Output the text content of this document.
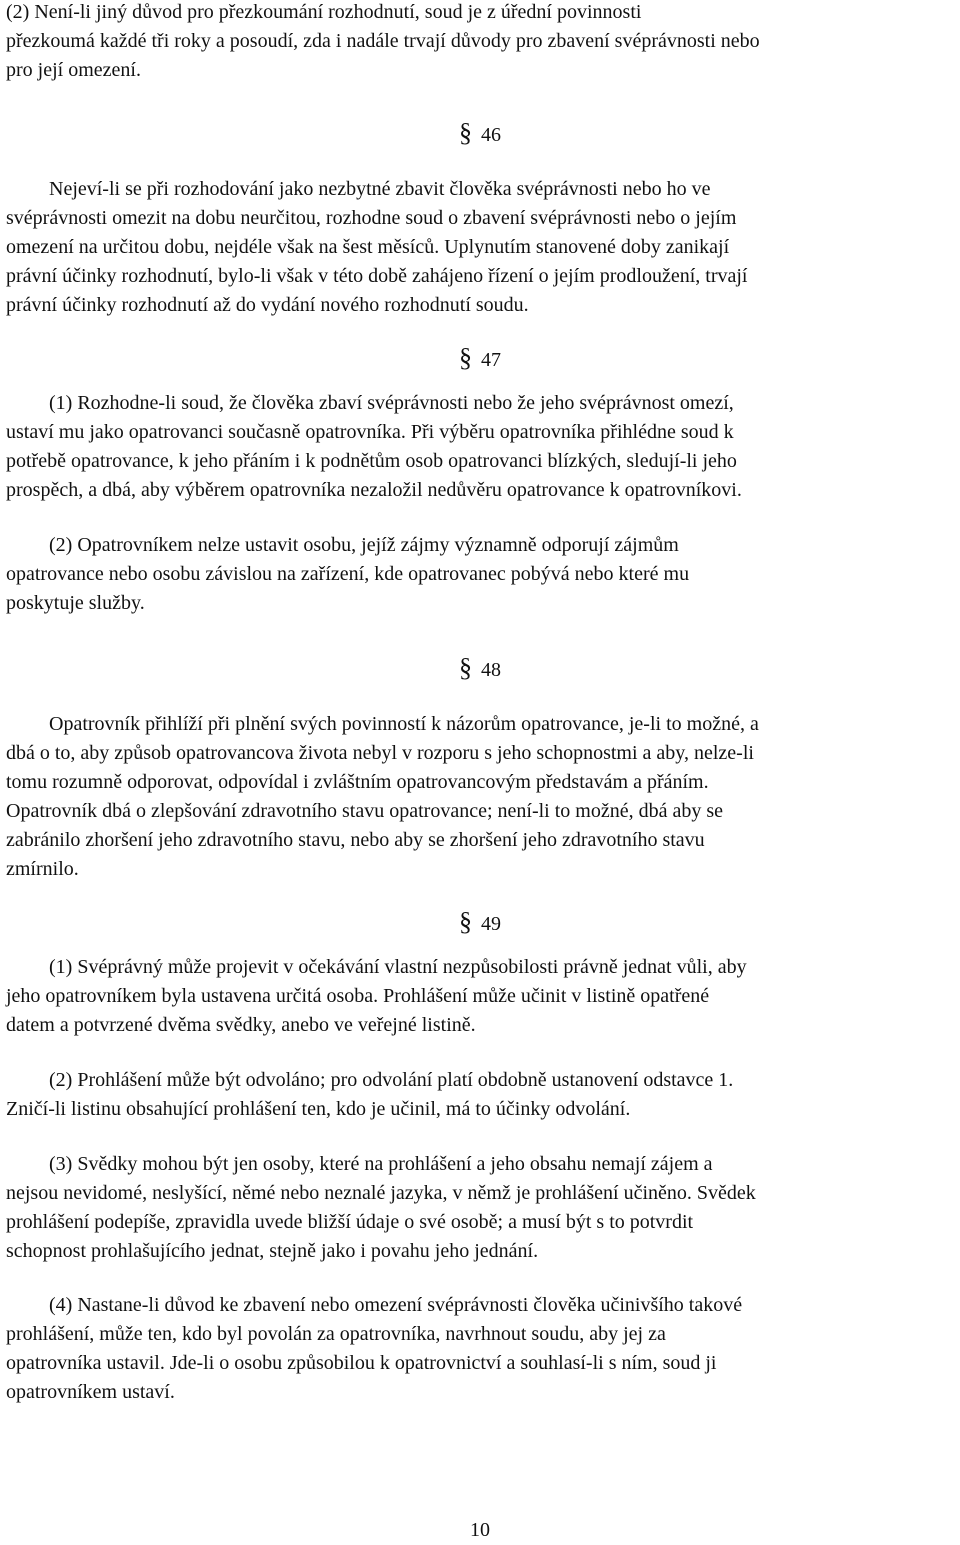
(2) Není-li jiný důvod pro přezkoumání rozhodnutí, soud je z úřední povinnosti
přezkoumá každé tři roky a posoudí, zda i nadále trvají důvody pro zbavení svéprávnosti nebo
pro její omezení.

§ 46

Nejeví-li se při rozhodování jako nezbytné zbavit člověka svéprávnosti nebo ho ve
svéprávnosti omezit na dobu neurčitou, rozhodne soud o zbavení svéprávnosti nebo o jejím
omezení na určitou dobu, nejdéle však na šest měsíců. Uplynutím stanovené doby zanikají
právní účinky rozhodnutí, bylo-li však v této době zahájeno řízení o jejím prodloužení, trvají
právní účinky rozhodnutí až do vydání nového rozhodnutí soudu.

§ 47

(1) Rozhodne-li soud, že člověka zbaví svéprávnosti nebo že jeho svéprávnost omezí,
ustaví mu jako opatrovanci současně opatrovníka. Při výběru opatrovníka přihlédne soud k
potřebě opatrovance, k jeho přáním i k podnětům osob opatrovanci blízkých, sledují-li jeho
prospěch, a dbá, aby výběrem opatrovníka nezaložil nedůvěru opatrovance k opatrovníkovi.

(2) Opatrovníkem nelze ustavit osobu, jejíž zájmy významně odporují zájmům
opatrovance nebo osobu závislou na zařízení, kde opatrovanec pobývá nebo které mu
poskytuje služby.

§ 48

Opatrovník přihlíží při plnění svých povinností k názorům opatrovance, je-li to možné, a
dbá o to, aby způsob opatrovancova života nebyl v rozporu s jeho schopnostmi a aby, nelze-li
tomu rozumně odporovat, odpovídal i zvláštním opatrovancovým představám a přáním.
Opatrovník dbá o zlepšování zdravotního stavu opatrovance; není-li to možné, dbá aby se
zabránilo zhoršení jeho zdravotního stavu, nebo aby se zhoršení jeho zdravotního stavu
zmírnilo.

§ 49

(1) Svéprávný může projevit v očekávání vlastní nezpůsobilosti právně jednat vůli, aby
jeho opatrovníkem byla ustavena určitá osoba. Prohlášení může učinit v listině opatřené
datem a potvrzené dvěma svědky, anebo ve veřejné listině.

(2) Prohlášení může být odvoláno; pro odvolání platí obdobně ustanovení odstavce 1.
Zničí-li listinu obsahující prohlášení ten, kdo je učinil, má to účinky odvolání.

(3) Svědky mohou být jen osoby, které na prohlášení a jeho obsahu nemají zájem a
nejsou nevidomé, neslyšící, němé nebo neznalé jazyka, v němž je prohlášení učiněno. Svědek
prohlášení podepíše, zpravidla uvede bližší údaje o své osobě; a musí být s to potvrdit
schopnost prohlašujícího jednat, stejně jako i povahu jeho jednání.

(4) Nastane-li důvod ke zbavení nebo omezení svéprávnosti člověka učinivšího takové
prohlášení, může ten, kdo byl povolán za opatrovníka, navrhnout soudu, aby jej za
opatrovníka ustavil. Jde-li o osobu způsobilou k opatrovnictví a souhlasí-li s ním, soud ji
opatrovníkem ustaví.

10
